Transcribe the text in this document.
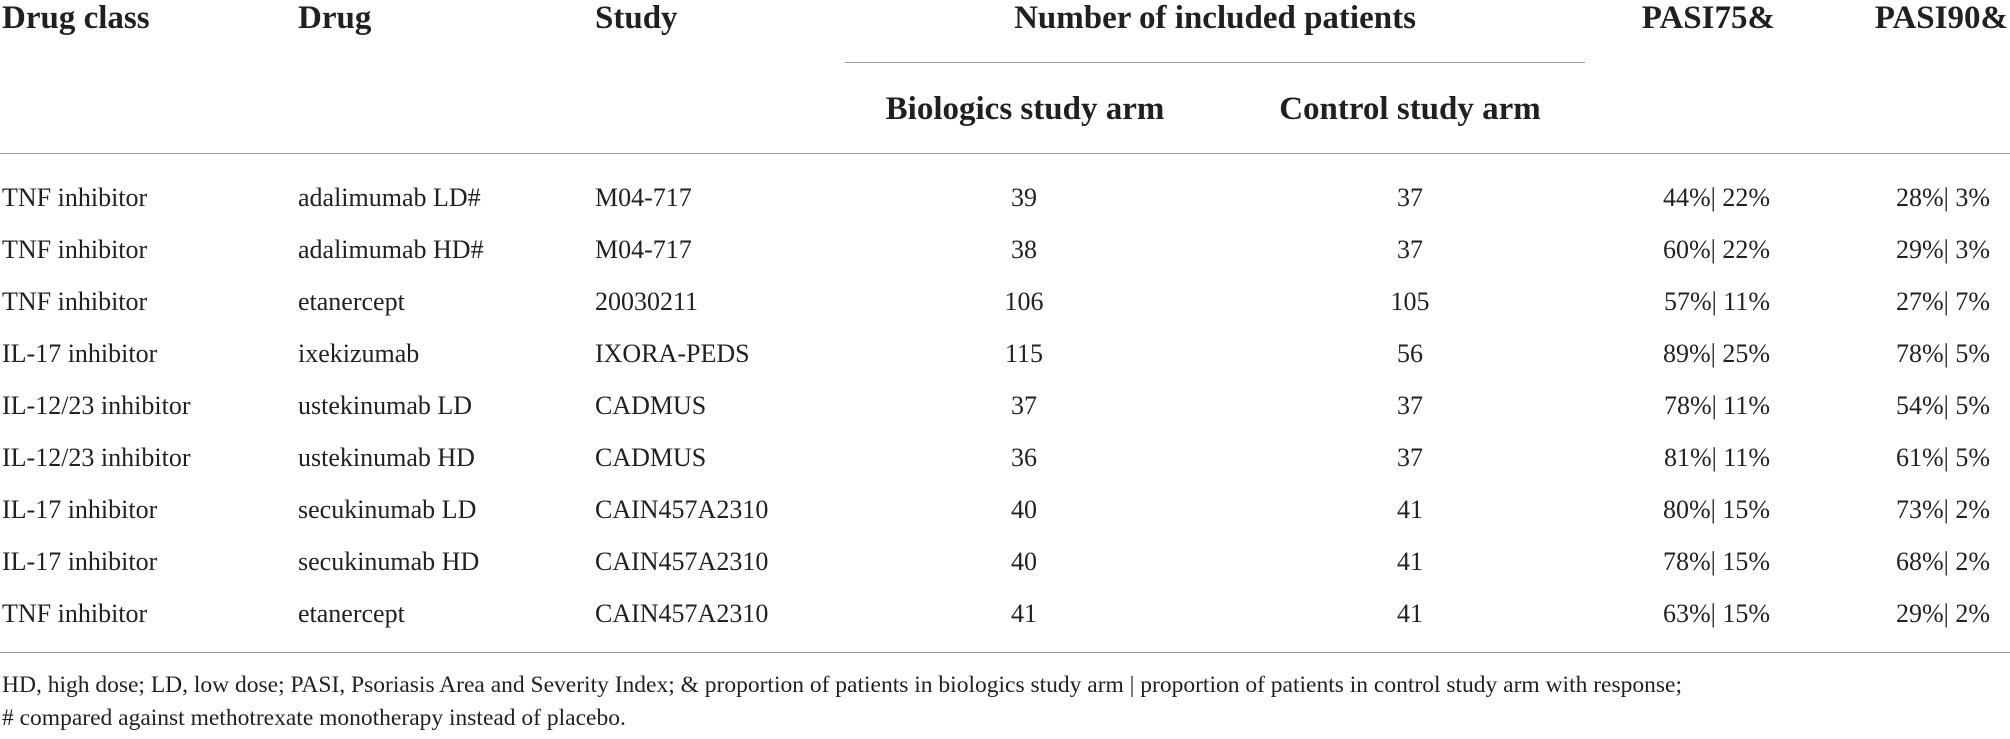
Drug class	Drug	Study	Number of included patients	PASI75&	PASI90&
Biologics study arm	Control study arm
TNF inhibitor	adalimumab LD#	M04-717	39	37	44%| 22%	28%| 3%
TNF inhibitor	adalimumab HD#	M04-717	38	37	60%| 22%	29%| 3%
TNF inhibitor	etanercept	20030211	106	105	57%| 11%	27%| 7%
IL-17 inhibitor	ixekizumab	IXORA-PEDS	115	56	89%| 25%	78%| 5%
IL-12/23 inhibitor	ustekinumab LD	CADMUS	37	37	78%| 11%	54%| 5%
IL-12/23 inhibitor	ustekinumab HD	CADMUS	36	37	81%| 11%	61%| 5%
IL-17 inhibitor	secukinumab LD	CAIN457A2310	40	41	80%| 15%	73%| 2%
IL-17 inhibitor	secukinumab HD	CAIN457A2310	40	41	78%| 15%	68%| 2%
TNF inhibitor	etanercept	CAIN457A2310	41	41	63%| 15%	29%| 2%
HD, high dose; LD, low dose; PASI, Psoriasis Area and Severity Index; & proportion of patients in biologics study arm | proportion of patients in control study arm with response;
# compared against methotrexate monotherapy instead of placebo.
